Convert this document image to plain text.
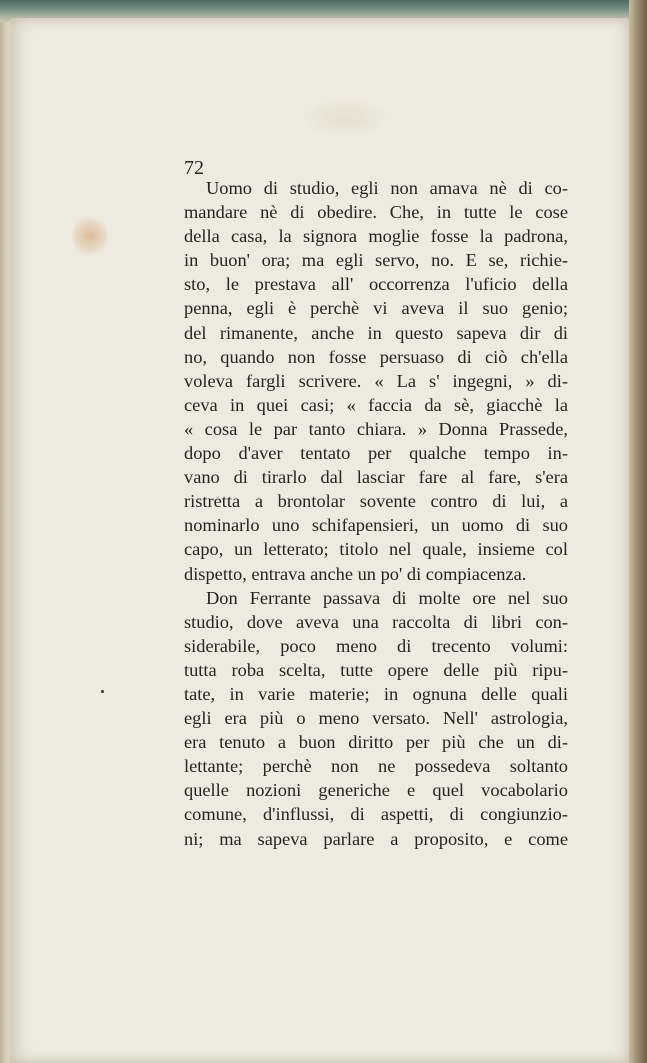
72
Uomo di studio, egli non amava nè di co-
mandare nè di obedire. Che, in tutte le cose
della casa, la signora moglie fosse la padrona,
in buon' ora; ma egli servo, no. E se, richie-
sto, le prestava all' occorrenza l'uficio della
penna, egli è perchè vi aveva il suo genio;
del rimanente, anche in questo sapeva dir di
no, quando non fosse persuaso di ciò ch'ella
voleva fargli scrivere. « La s' ingegni, » di-
ceva in quei casi; « faccia da sè, giacchè la
« cosa le par tanto chiara. » Donna Prassede,
dopo d'aver tentato per qualche tempo in-
vano di tirarlo dal lasciar fare al fare, s'era
ristretta a brontolar sovente contro di lui, a
nominarlo uno schifapensieri, un uomo di suo
capo, un letterato; titolo nel quale, insieme col
dispetto, entrava anche un po' di compiacenza.
Don Ferrante passava di molte ore nel suo
studio, dove aveva una raccolta di libri con-
siderabile, poco meno di trecento volumi:
tutta roba scelta, tutte opere delle più ripu-
tate, in varie materie; in ognuna delle quali
egli era più o meno versato. Nell' astrologia,
era tenuto a buon diritto per più che un di-
lettante; perchè non ne possedeva soltanto
quelle nozioni generiche e quel vocabolario
comune, d'influssi, di aspetti, di congiunzio-
ni; ma sapeva parlare a proposito, e come
